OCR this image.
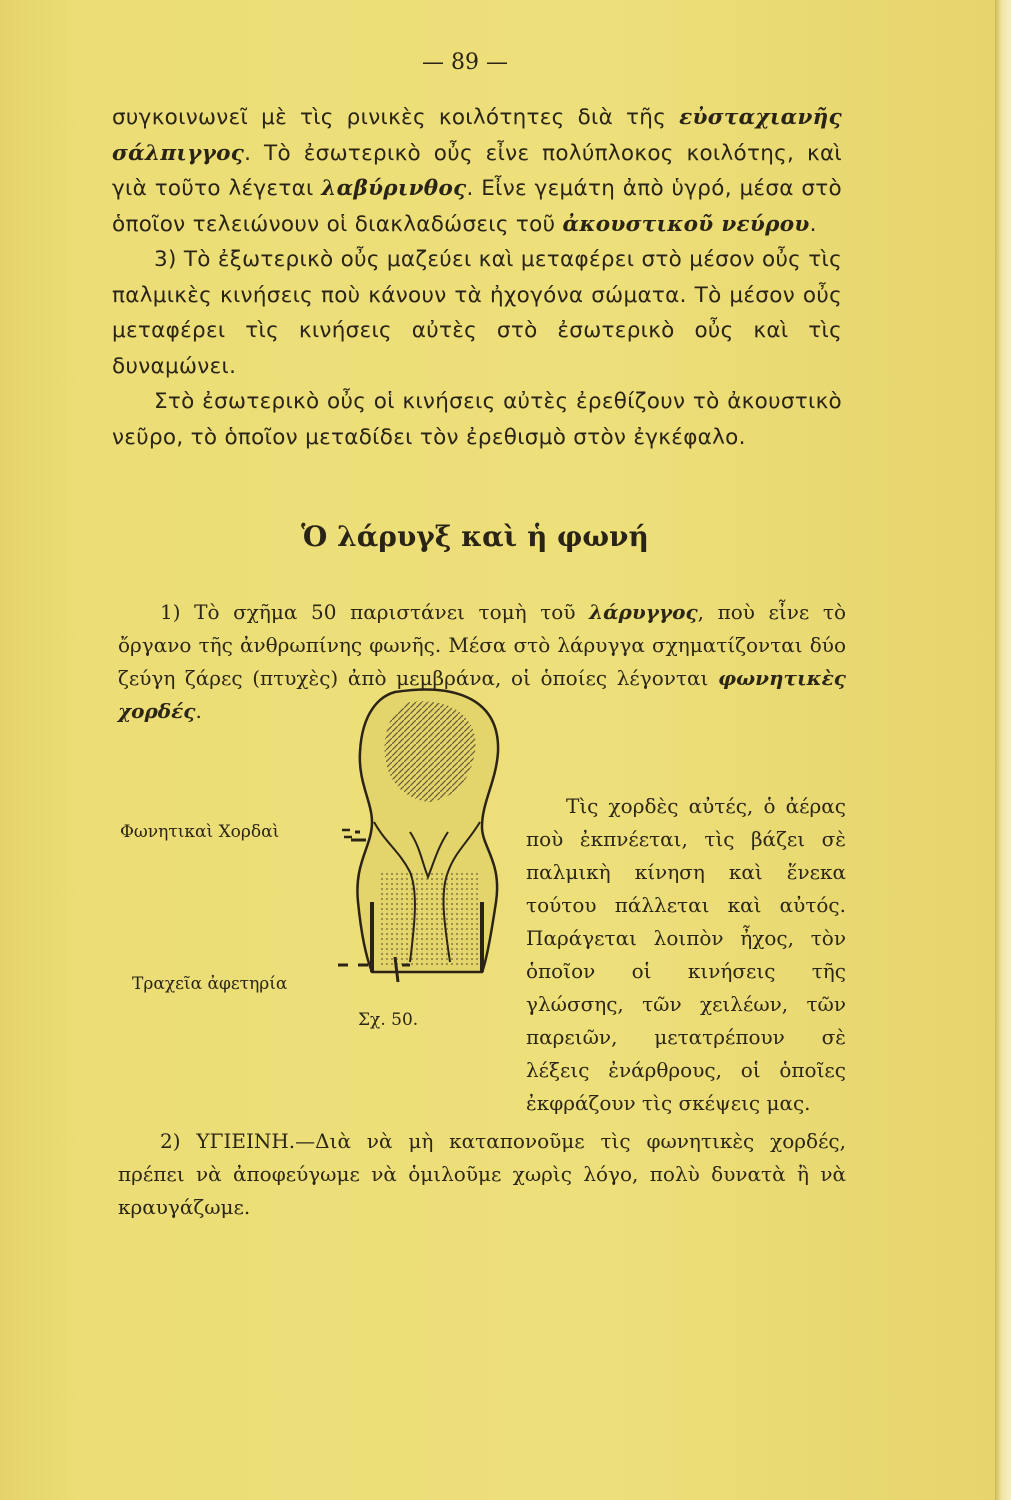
— 89 —

συγκοινωνεῖ μὲ τὶς ρινικὲς κοιλότητες διὰ τῆς εὐσταχιανῆς σάλπιγγος. Τὸ ἐσωτερικὸ οὖς εἶνε πολύπλοκος κοιλότης, καὶ γιὰ τοῦτο λέγεται λαβύρινθος. Εἶνε γεμάτη ἀπὸ ὑγρό, μέσα στὸ ὁποῖον τελειώνουν οἱ διακλαδώσεις τοῦ ἀκουστικοῦ νεύρου.

3) Τὸ ἐξωτερικὸ οὖς μαζεύει καὶ μεταφέρει στὸ μέσον οὖς τὶς παλμικὲς κινήσεις ποὺ κάνουν τὰ ἠχογόνα σώματα. Τὸ μέσον οὖς μεταφέρει τὶς κινήσεις αὐτὲς στὸ ἐσωτερικὸ οὖς καὶ τὶς δυναμώνει.

Στὸ ἐσωτερικὸ οὖς οἱ κινήσεις αὐτὲς ἐρεθίζουν τὸ ἀκουστικὸ νεῦρο, τὸ ὁποῖον μεταδίδει τὸν ἐρεθισμὸ στὸν ἐγκέφαλο.

Ὁ λάρυγξ καὶ ἡ φωνή

1) Τὸ σχῆμα 50 παριστάνει τομὴ τοῦ λάρυγγος, ποὺ εἶνε τὸ ὄργανο τῆς ἀνθρωπίνης φωνῆς. Μέσα στὸ λάρυγγα σχηματίζονται δύο ζεύγη ζάρες (πτυχὲς) ἀπὸ μεμβράνα, οἱ ὁποίες λέγονται φωνητικὲς χορδές.

Φωνητικαὶ Χορδαὶ
Τραχεῖα ἀφετηρία
Σχ. 50.

Τὶς χορδὲς αὐτές, ὁ ἀέρας ποὺ ἐκπνέεται, τὶς βάζει σὲ παλμικὴ κίνηση καὶ ἕνεκα τούτου πάλλεται καὶ αὐτός. Παράγεται λοιπὸν ἦχος, τὸν ὁποῖον οἱ κινήσεις τῆς γλώσσης, τῶν χειλέων, τῶν παρειῶν, μετατρέπουν σὲ λέξεις ἐνάρθρους, οἱ ὁποῖες ἐκφράζουν τὶς σκέψεις μας.

2) ΥΓΙΕΙΝΗ.—Διὰ νὰ μὴ καταπονοῦμε τὶς φωνητικὲς χορδές, πρέπει νὰ ἀποφεύγωμε νὰ ὁμιλοῦμε χωρὶς λόγο, πολὺ δυνατὰ ἢ νὰ κραυγάζωμε.
